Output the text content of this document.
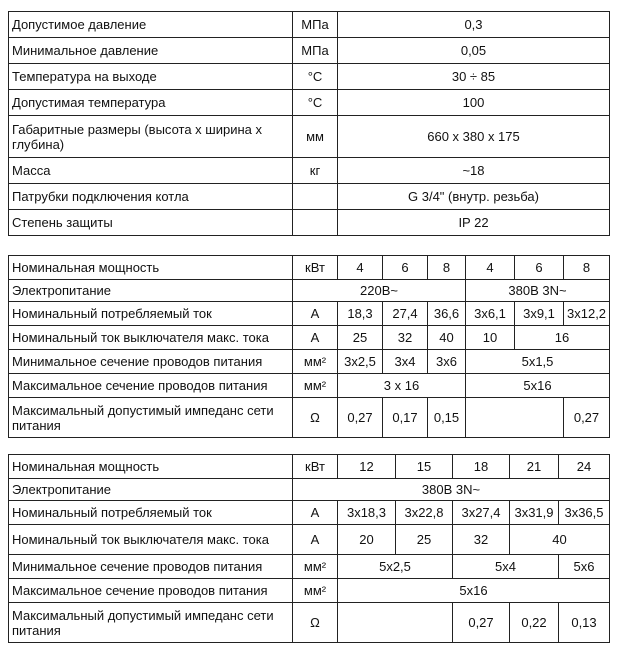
Допустимое давление	МПа	0,3
Минимальное давление	МПа	0,05
Температура на выходе	°С	30 ÷ 85
Допустимая температура	°С	100
Габаритные размеры (высота х ширина х глубина)	мм	660 х 380 х 175
Масса	кг	~18
Патрубки подключения котла		G 3/4" (внутр. резьба)
Степень защиты		IP 22
Номинальная мощность	кВт	4	6	8	4	6	8
Электропитание	220В~				380В 3N~		
Номинальный потребляемый ток	А	18,3	27,4	36,6	3x6,1	3x9,1	3x12,2
Номинальный ток выключателя макс. тока	А	25	32	40	10	16	
Минимальное сечение проводов питания	мм²	3x2,5	3x4	3x6	5x1,5		
Максимальное сечение проводов питания	мм²	3 х 16			5х16		
Максимальный допустимый импеданс сети питания	Ω	0,27	0,17	0,15			0,27
Номинальная мощность	кВт	12	15	18	21	24
Электропитание	380В 3N~					
Номинальный потребляемый ток	А	3x18,3	3x22,8	3x27,4	3x31,9	3x36,5
Номинальный ток выключателя макс. тока	А	20	25	32	40	
Минимальное сечение проводов питания	мм²	5x2,5		5x4		5x6
Максимальное сечение проводов питания	мм²	5x16				
Максимальный допустимый импеданс сети питания	Ω			0,27	0,22	0,13
